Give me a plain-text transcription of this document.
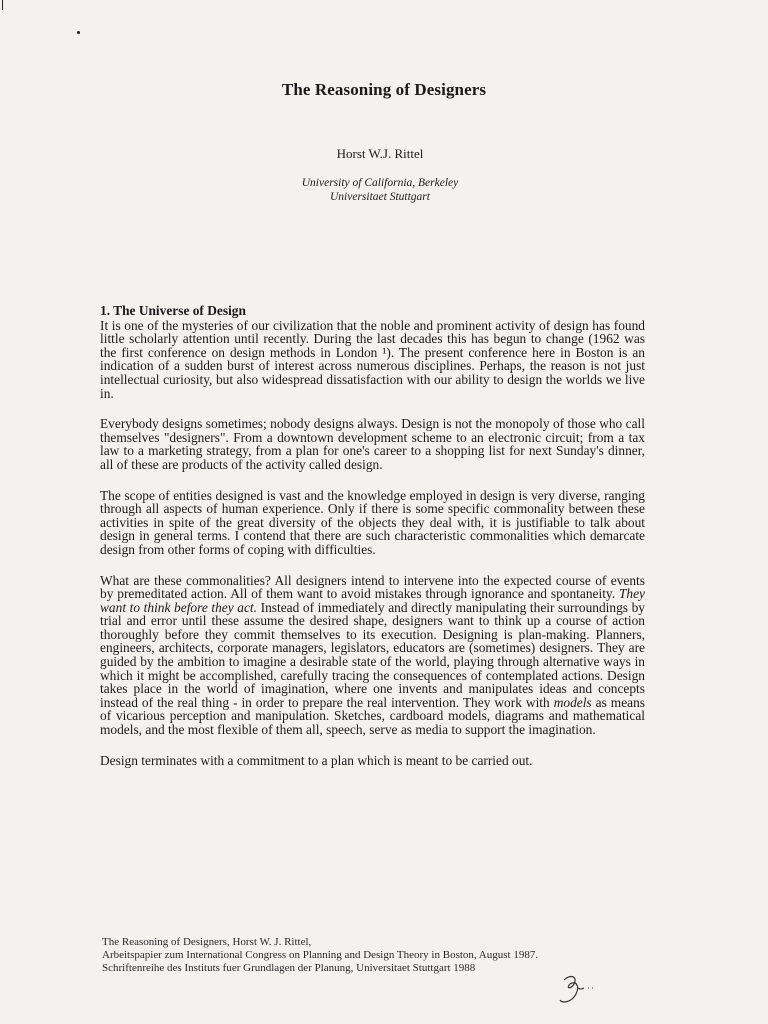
The Reasoning of Designers
Horst W.J. Rittel
University of California, Berkeley
Universitaet Stuttgart
1. The Universe of Design

It is one of the mysteries of our civilization that the noble and prominent activity of design has found little scholarly attention until recently. During the last decades this has begun to change (1962 was the first conference on design methods in London ¹). The present conference here in Boston is an indication of a sudden burst of interest across numerous disciplines. Perhaps, the reason is not just intellectual curiosity, but also widespread dissatisfaction with our ability to design the worlds we live in.

Everybody designs sometimes; nobody designs always. Design is not the monopoly of those who call themselves "designers". From a downtown development scheme to an electronic circuit; from a tax law to a marketing strategy, from a plan for one's career to a shopping list for next Sunday's dinner, all of these are products of the activity called design.

The scope of entities designed is vast and the knowledge employed in design is very diverse, ranging through all aspects of human experience. Only if there is some specific commonality between these activities in spite of the great diversity of the objects they deal with, it is justifiable to talk about design in general terms. I contend that there are such characteristic commonalities which demarcate design from other forms of coping with difficulties.

What are these commonalities? All designers intend to intervene into the expected course of events by premeditated action. All of them want to avoid mistakes through ignorance and spontaneity. They want to think before they act. Instead of immediately and directly manipulating their surroundings by trial and error until these assume the desired shape, designers want to think up a course of action thoroughly before they commit themselves to its execution. Designing is plan-making. Planners, engineers, architects, corporate managers, legislators, educators are (sometimes) designers. They are guided by the ambition to imagine a desirable state of the world, playing through alternative ways in which it might be accomplished, carefully tracing the consequences of contemplated actions. Design takes place in the world of imagination, where one invents and manipulates ideas and concepts instead of the real thing - in order to prepare the real intervention. They work with models as means of vicarious perception and manipulation. Sketches, cardboard models, diagrams and mathematical models, and the most flexible of them all, speech, serve as media to support the imagination.

Design terminates with a commitment to a plan which is meant to be carried out.

The Reasoning of Designers, Horst W. J. Rittel,
Arbeitspapier zum International Congress on Planning and Design Theory in Boston, August 1987.
Schriftenreihe des Instituts fuer Grundlagen der Planung, Universitaet Stuttgart 1988
